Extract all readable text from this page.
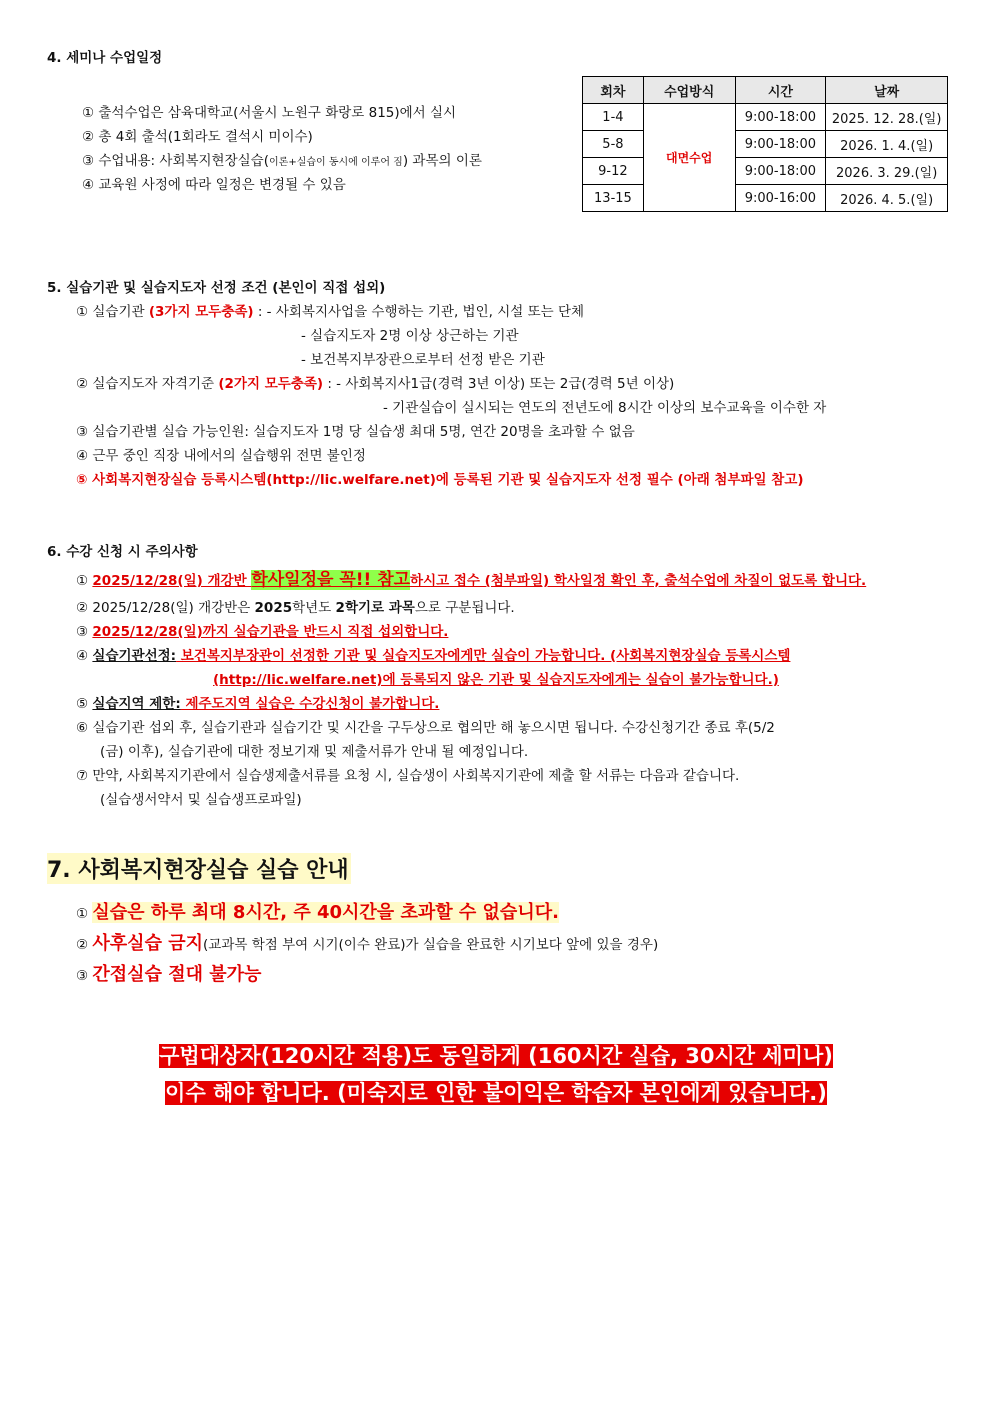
4. 세미나 수업일정
① 출석수업은 삼육대학교(서울시 노원구 화랑로 815)에서 실시
② 총 4회 출석(1회라도 결석시 미이수)
③ 수업내용: 사회복지현장실습(이론+실습이 동시에 이루어 짐) 과목의 이론
④ 교육원 사정에 따라 일정은 변경될 수 있음
회차	수업방식	시간	날짜
1-4	대면수업	9:00-18:00	2025. 12. 28.(일)
5-8		9:00-18:00	2026. 1. 4.(일)
9-12		9:00-18:00	2026. 3. 29.(일)
13-15		9:00-16:00	2026. 4. 5.(일)
5. 실습기관 및 실습지도자 선정 조건 (본인이 직접 섭외)
① 실습기관 (3가지 모두충족) : - 사회복지사업을 수행하는 기관, 법인, 시설 또는 단체
- 실습지도자 2명 이상 상근하는 기관
- 보건복지부장관으로부터 선정 받은 기관
② 실습지도자 자격기준 (2가지 모두충족) : - 사회복지사1급(경력 3년 이상) 또는 2급(경력 5년 이상)
- 기관실습이 실시되는 연도의 전년도에 8시간 이상의 보수교육을 이수한 자
③ 실습기관별 실습 가능인원: 실습지도자 1명 당 실습생 최대 5명, 연간 20명을 초과할 수 없음
④ 근무 중인 직장 내에서의 실습행위 전면 불인정
⑤ 사회복지현장실습 등록시스템(http://lic.welfare.net)에 등록된 기관 및 실습지도자 선정 필수 (아래 첨부파일 참고)
6. 수강 신청 시 주의사항
① 2025/12/28(일) 개강반 학사일정을 꼭!! 참고하시고 접수 (첨부파일) 학사일정 확인 후, 출석수업에 차질이 없도록 합니다.
② 2025/12/28(일) 개강반은 2025학년도 2학기로 과목으로 구분됩니다.
③ 2025/12/28(일)까지 실습기관을 반드시 직접 섭외합니다.
④ 실습기관선정: 보건복지부장관이 선정한 기관 및 실습지도자에게만 실습이 가능합니다. (사회복지현장실습 등록시스템
(http://lic.welfare.net)에 등록되지 않은 기관 및 실습지도자에게는 실습이 불가능합니다.)
⑤ 실습지역 제한: 제주도지역 실습은 수강신청이 불가합니다.
⑥ 실습기관 섭외 후, 실습기관과 실습기간 및 시간을 구두상으로 협의만 해 놓으시면 됩니다. 수강신청기간 종료 후(5/2
(금) 이후), 실습기관에 대한 정보기재 및 제출서류가 안내 될 예정입니다.
⑦ 만약, 사회복지기관에서 실습생제출서류를 요청 시, 실습생이 사회복지기관에 제출 할 서류는 다음과 같습니다.
(실습생서약서 및 실습생프로파일)
7. 사회복지현장실습 실습 안내
① 실습은 하루 최대 8시간, 주 40시간을 초과할 수 없습니다.
② 사후실습 금지(교과목 학점 부여 시기(이수 완료)가 실습을 완료한 시기보다 앞에 있을 경우)
③ 간접실습 절대 불가능
구법대상자(120시간 적용)도 동일하게 (160시간 실습, 30시간 세미나)
이수 해야 합니다. (미숙지로 인한 불이익은 학습자 본인에게 있습니다.)
